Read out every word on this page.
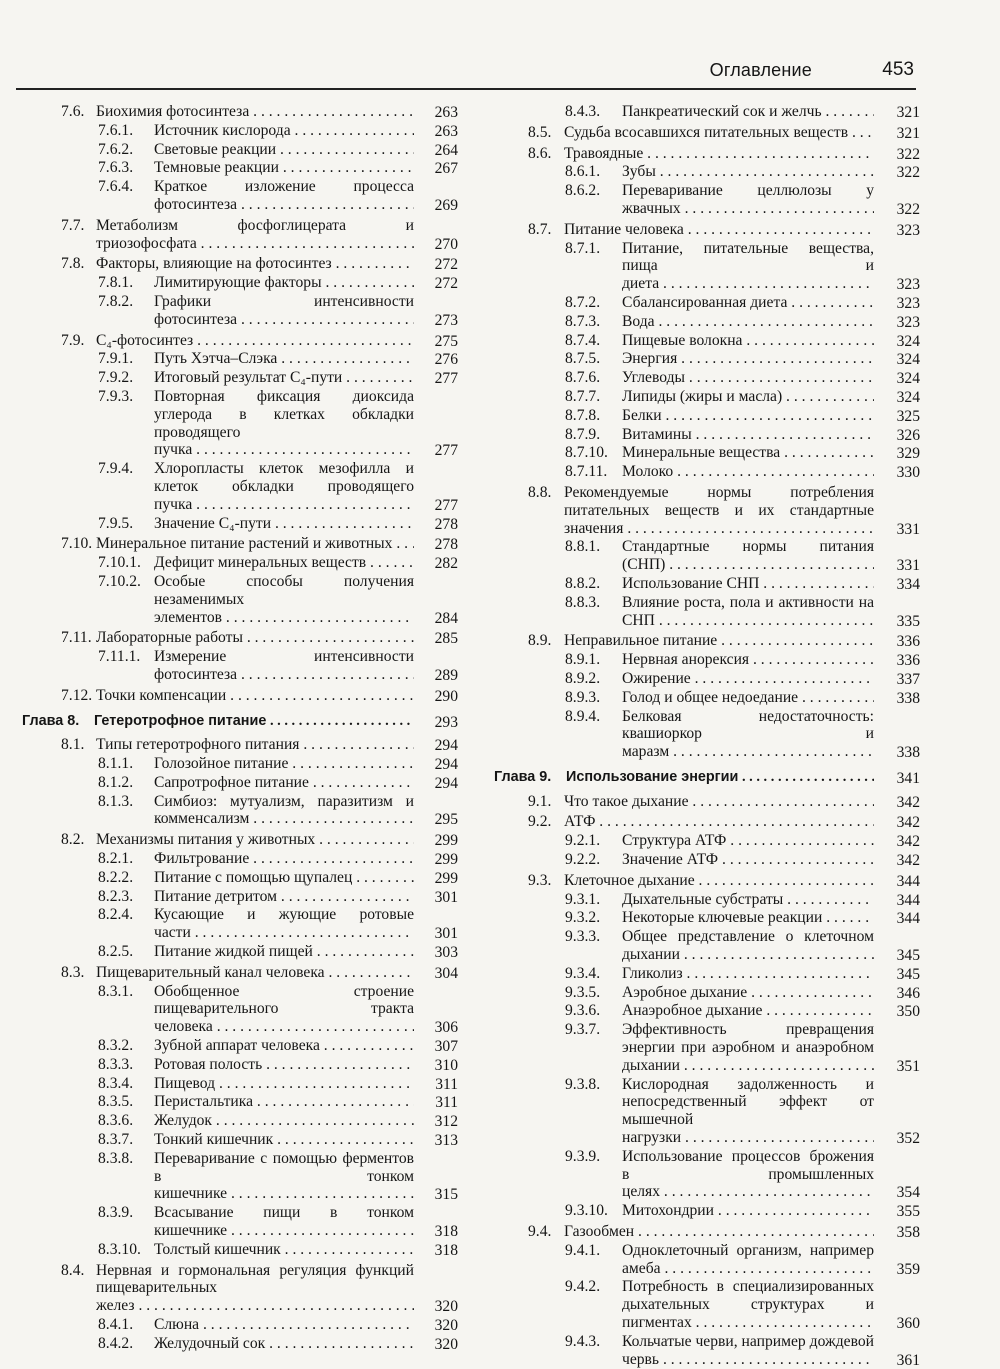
Оглавление	453
7.6. Биохимия фотосинтеза . . .	263
7.6.1. Источник кислорода . . .	263
7.6.2. Световые реакции . . .	264
7.6.3. Темновые реакции . . .	267
7.6.4. Краткое изложение процесса фотосинтеза . . .	269
7.7. Метаболизм фосфоглицерата и триозофосфата . . .	270
7.8. Факторы, влияющие на фотосинтез . . .	272
7.8.1. Лимитирующие факторы . . .	272
7.8.2. Графики интенсивности фотосинтеза . . .	273
7.9. C₄-фотосинтез . . .	275
7.9.1. Путь Хэтча–Слэка . . .	276
7.9.2. Итоговый результат C₄-пути . . .	277
7.9.3. Повторная фиксация диоксида углерода в клетках обкладки проводящего пучка . . .	277
7.9.4. Хлоропласты клеток мезофилла и клеток обкладки проводящего пучка . . .	277
7.9.5. Значение C₄-пути . . .	278
7.10. Минеральное питание растений и животных . . .	278
7.10.1. Дефицит минеральных веществ . . .	282
7.10.2. Особые способы получения незаменимых элементов . . .	284
7.11. Лабораторные работы . . .	285
7.11.1. Измерение интенсивности фотосинтеза . . .	289
7.12. Точки компенсации . . .	290
Глава 8. Гетеротрофное питание . . .	293
8.1. Типы гетеротрофного питания . . .	294
8.1.1. Голозойное питание . . .	294
8.1.2. Сапротрофное питание . . .	294
8.1.3. Симбиоз: мутуализм, паразитизм и комменсализм . . .	295
8.2. Механизмы питания у животных . . .	299
8.2.1. Фильтрование . . .	299
8.2.2. Питание с помощью щупалец . . .	299
8.2.3. Питание детритом . . .	301
8.2.4. Кусающие и жующие ротовые части . . .	301
8.2.5. Питание жидкой пищей . . .	303
8.3. Пищеварительный канал человека . . .	304
8.3.1. Обобщенное строение пищеварительного тракта человека . . .	306
8.3.2. Зубной аппарат человека . . .	307
8.3.3. Ротовая полость . . .	310
8.3.4. Пищевод . . .	311
8.3.5. Перистальтика . . .	311
8.3.6. Желудок . . .	312
8.3.7. Тонкий кишечник . . .	313
8.3.8. Переваривание с помощью ферментов в тонком кишечнике . . .	315
8.3.9. Всасывание пищи в тонком кишечнике . . .	318
8.3.10. Толстый кишечник . . .	318
8.4. Нервная и гормональная регуляция функций пищеварительных желез . . .	320
8.4.1. Слюна . . .	320
8.4.2. Желудочный сок . . .	320
8.4.3. Панкреатический сок и желчь . . .	321
8.5. Судьба всосавшихся питательных веществ . . .	321
8.6. Травоядные . . .	322
8.6.1. Зубы . . .	322
8.6.2. Переваривание целлюлозы у жвачных . . .	322
8.7. Питание человека . . .	323
8.7.1. Питание, питательные вещества, пища и диета . . .	323
8.7.2. Сбалансированная диета . . .	323
8.7.3. Вода . . .	323
8.7.4. Пищевые волокна . . .	324
8.7.5. Энергия . . .	324
8.7.6. Углеводы . . .	324
8.7.7. Липиды (жиры и масла) . . .	324
8.7.8. Белки . . .	325
8.7.9. Витамины . . .	326
8.7.10. Минеральные вещества . . .	329
8.7.11. Молоко . . .	330
8.8. Рекомендуемые нормы потребления питательных веществ и их стандартные значения . . .	331
8.8.1. Стандартные нормы питания (СНП) . . .	331
8.8.2. Использование СНП . . .	334
8.8.3. Влияние роста, пола и активности на СНП . . .	335
8.9. Неправильное питание . . .	336
8.9.1. Нервная анорексия . . .	336
8.9.2. Ожирение . . .	337
8.9.3. Голод и общее недоедание . . .	338
8.9.4. Белковая недостаточность: квашиоркор и маразм . . .	338
Глава 9. Использование энергии . . .	341
9.1. Что такое дыхание . . .	342
9.2. АТФ . . .	342
9.2.1. Структура АТФ . . .	342
9.2.2. Значение АТФ . . .	342
9.3. Клеточное дыхание . . .	344
9.3.1. Дыхательные субстраты . . .	344
9.3.2. Некоторые ключевые реакции . . .	344
9.3.3. Общее представление о клеточном дыхании . . .	345
9.3.4. Гликолиз . . .	345
9.3.5. Аэробное дыхание . . .	346
9.3.6. Анаэробное дыхание . . .	350
9.3.7. Эффективность превращения энергии при аэробном и анаэробном дыхании . . .	351
9.3.8. Кислородная задолженность и непосредственный эффект от мышечной нагрузки . . .	352
9.3.9. Использование процессов брожения в промышленных целях . . .	354
9.3.10. Митохондрии . . .	355
9.4. Газообмен . . .	358
9.4.1. Одноклеточный организм, например амеба . . .	359
9.4.2. Потребность в специализированных дыхательных структурах и пигментах . . .	360
9.4.3. Кольчатые черви, например дождевой червь . . .	361
